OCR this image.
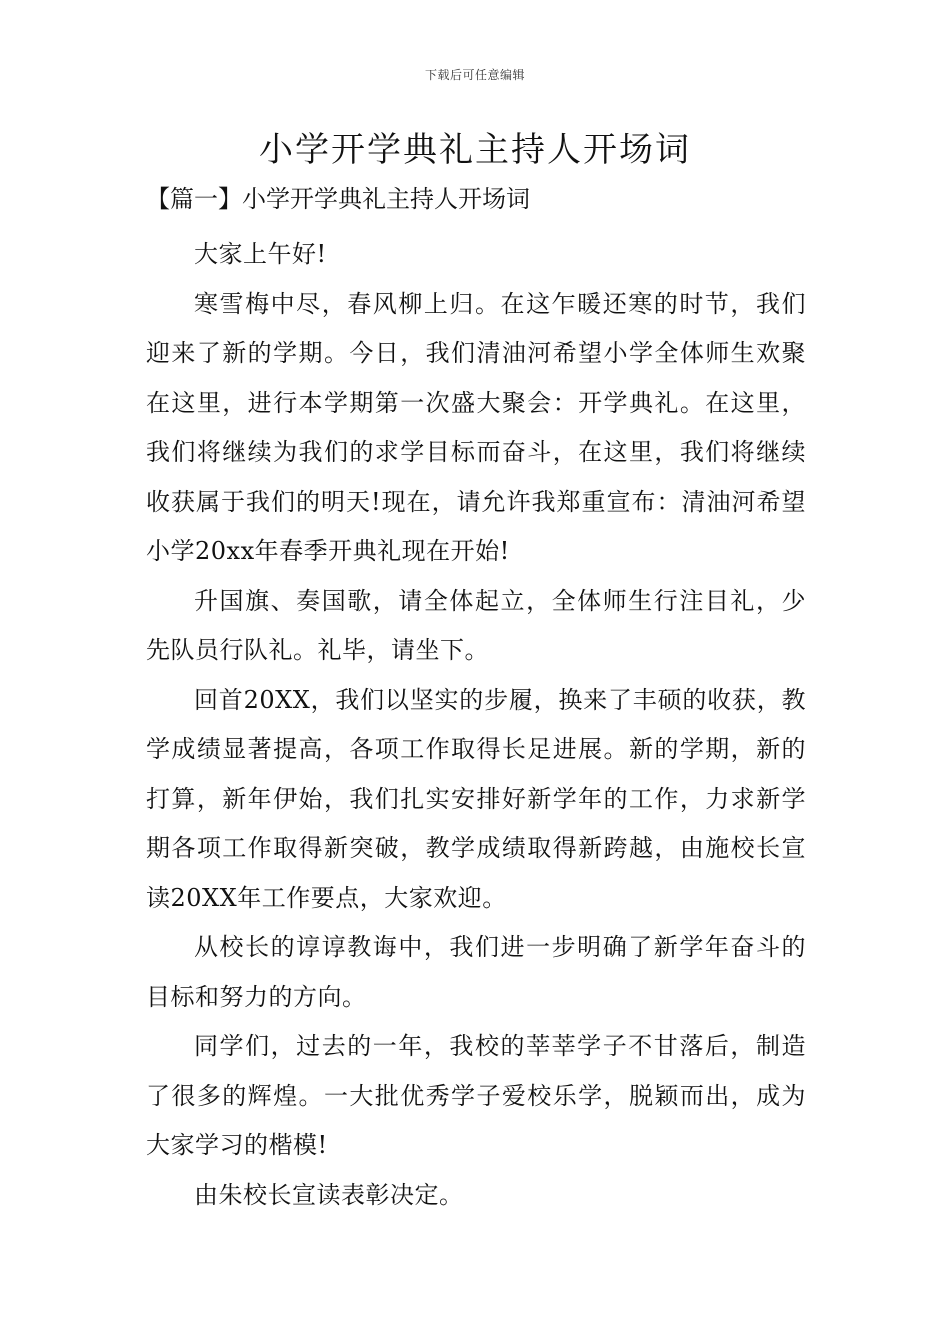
下载后可任意编辑
小学开学典礼主持人开场词
【篇一】小学开学典礼主持人开场词

大家上午好!

寒雪梅中尽，春风柳上归。在这乍暖还寒的时节，我们迎来了新的学期。今日，我们清油河希望小学全体师生欢聚在这里，进行本学期第一次盛大聚会：开学典礼。在这里，我们将继续为我们的求学目标而奋斗，在这里，我们将继续收获属于我们的明天!现在，请允许我郑重宣布：清油河希望小学20xx年春季开典礼现在开始!

升国旗、奏国歌，请全体起立，全体师生行注目礼，少先队员行队礼。礼毕，请坐下。

回首20XX，我们以坚实的步履，换来了丰硕的收获，教学成绩显著提高，各项工作取得长足进展。新的学期，新的打算，新年伊始，我们扎实安排好新学年的工作，力求新学期各项工作取得新突破，教学成绩取得新跨越，由施校长宣读20XX年工作要点，大家欢迎。

从校长的谆谆教诲中，我们进一步明确了新学年奋斗的目标和努力的方向。

同学们，过去的一年，我校的莘莘学子不甘落后，制造了很多的辉煌。一大批优秀学子爱校乐学，脱颖而出，成为大家学习的楷模!

由朱校长宣读表彰决定。
